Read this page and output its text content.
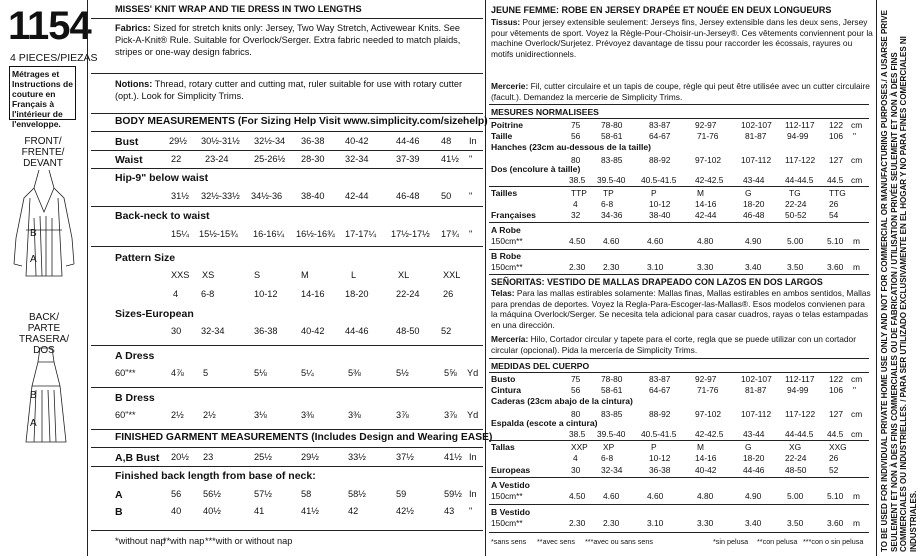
1154
4 PIECES/PIEZAS
Métrages et Instructions de couture en Français à l'intérieur de l'enveloppe.
FRONT/
FRENTE/
DEVANT
B
A
BACK/
PARTE TRASERA/
DOS
B
A
MISSES' KNIT WRAP AND TIE DRESS IN TWO LENGTHS
Fabrics: Sized for stretch knits only: Jersey, Two Way Stretch, Activewear Knits. See Pick-A-Knit® Rule. Suitable for Overlock/Serger. Extra fabric needed to match plaids, stripes or one-way design fabrics.
Notions: Thread, rotary cutter and cutting mat, ruler suitable for use with rotary cutter (opt.). Look for Simplicity Trims.
BODY MEASUREMENTS (For Sizing Help Visit www.simplicity.com/sizehelp)
Bust	29½ 30½-31½ 32½-34 36-38 40-42	44-46 48 In
Waist	22	23-24	25-26½ 28-30 32-34	37-39 41½ "
Hip-9" below waist
31½ 32½-33½ 34½-36 38-40 42-44	46-48 50 "
Back-neck to waist
15¼ 15½-15¾ 16-16¼ 16½-16¾ 17-17¼ 17½-17½ 17¾ "
Pattern Size
XXS XS	S	M	L	XL	XXL
4 6-8	10-12	14-16 18-20	22-24	26
Sizes-European
30 32-34	36-38	40-42 44-46	48-50 52
A Dress
60"**	4⅞ 5	5⅛	5¼	5⅜	5½	5⅝ Yd
B Dress
60"**	2½ 2½	3⅛	3⅜	3⅜	3⅞	3⅞ Yd
FINISHED GARMENT MEASUREMENTS (Includes Design and Wearing EASE)
A,B Bust 20½ 23	25½	29½	33½	37½	41½ In
Finished back length from base of neck:
A	56 56½	57½	58	58½	59	59½ In
B	40 40½	41	41½	42	42½	43 "
*without nap
**with nap ***with or without nap
JEUNE FEMME: ROBE EN JERSEY DRAPÉE ET NOUÉE EN DEUX LONGUEURS
Tissus: Pour jersey extensible seulement: Jerseys fins, Jersey extensible dans les deux sens, Jersey pour vêtements de sport. Voyez la Règle-Pour-Choisir-un-Jersey®. Ces vêtements conviennent pour la machine Overlock/Surjetez. Prévoyez davantage de tissu pour raccorder les écossais, rayures ou motifs unidirectionnels.
Mercerie: Fil, cutter circulaire et un tapis de coupe, règle qui peut être utilisée avec un cutter circulaire (facult.). Demandez la mercerie de Simplicity Trims.
MESURES NORMALISEES
Poitrine	75 78-80	83-87	92-97	102-107 112-117 122 cm
Taille	56 58-61	64-67	71-76	81-87 94-99 106 "
Hanches (23cm au-dessous de la taille)
80 83-85	88-92	97-102 107-112 117-122 127 cm
Dos (encolure à taille)
38.5 39.5-40 40.5-41.5 42-42.5 43-44 44-44.5 44.5 cm
Tailles	TTP TP	P	M	G	TG	TTG
4	6-8	10-12	14-16	18-20 22-24	26
Françaises	32 34-36	38-40	42-44	46-48 50-52	54
A Robe
150cm**	4.50 4.60	4.60	4.80	4.90	5.00	5.10 m
B Robe
150cm**	2.30 2.30	3.10	3.30	3.40	3.50	3.60 m
SEÑORITAS: VESTIDO DE MALLAS DRAPEADO CON LAZOS EN DOS LARGOS
Telas: Para las mallas estirables solamente: Mallas finas, Mallas estirables en ambos sentidos, Mallas para prendas de deportes. Voyez la Regla-Para-Escoger-las-Mallas®. Esos modelos convienen para la máquina Overlock/Serger. Se necesita tela adicional para casar cuadros, rayas o telas estampadas en una dirección.
Mercería: Hilo, Cortador circular y tapete para el corte, regla que se puede utilizar con un cortador circular (opcional). Pida la mercería de Simplicity Trims.
MEDIDAS DEL CUERPO
Busto	75 78-80	83-87	92-97	102-107 112-117 122 cm
Cintura	56 58-61	64-67	71-76	81-87 94-99 106 "
Caderas (23cm abajo de la cintura)
80 83-85	88-92	97-102 107-112 117-122 127 cm
Espalda (escote a cintura)
38.5 39.5-40 40.5-41.5 42-42.5 43-44 44-44.5 44.5 cm
Tallas	XXP XP	P	M	G	XG	XXG
4	6-8	10-12	14-16	18-20 22-24	26
Europeas	30 32-34	36-38	40-42	44-46 48-50	52
A Vestido
150cm**	4.50 4.60	4.60	4.80	4.90	5.00	5.10 m
B Vestido
150cm**	2.30 2.30	3.10	3.30	3.40	3.50	3.60 m
*sans sens **avec sens ***avec ou sans sens	*sin pelusa **con pelusa ***con o sin pelusa TO BE USED FOR INDIVIDUAL PRIVATE HOME USE ONLY AND NOT FOR COMMERCIAL OR MANUFACTURING PURPOSES./ A USARSE PRIVE SEULEMENT ET NON À DES FINS COMMERCIALES OU DE FABRICATION / UTILISATION PRIVÉE SEULEMENT ET NON À DES FINS COMMERCIALES OU INDUSTRIELLES. / PARA SER UTILIZADO EXCLUSIVAMENTE EN EL HOGAR Y NO PARA FINES COMERCIALES NI INDUSTRIALES.
